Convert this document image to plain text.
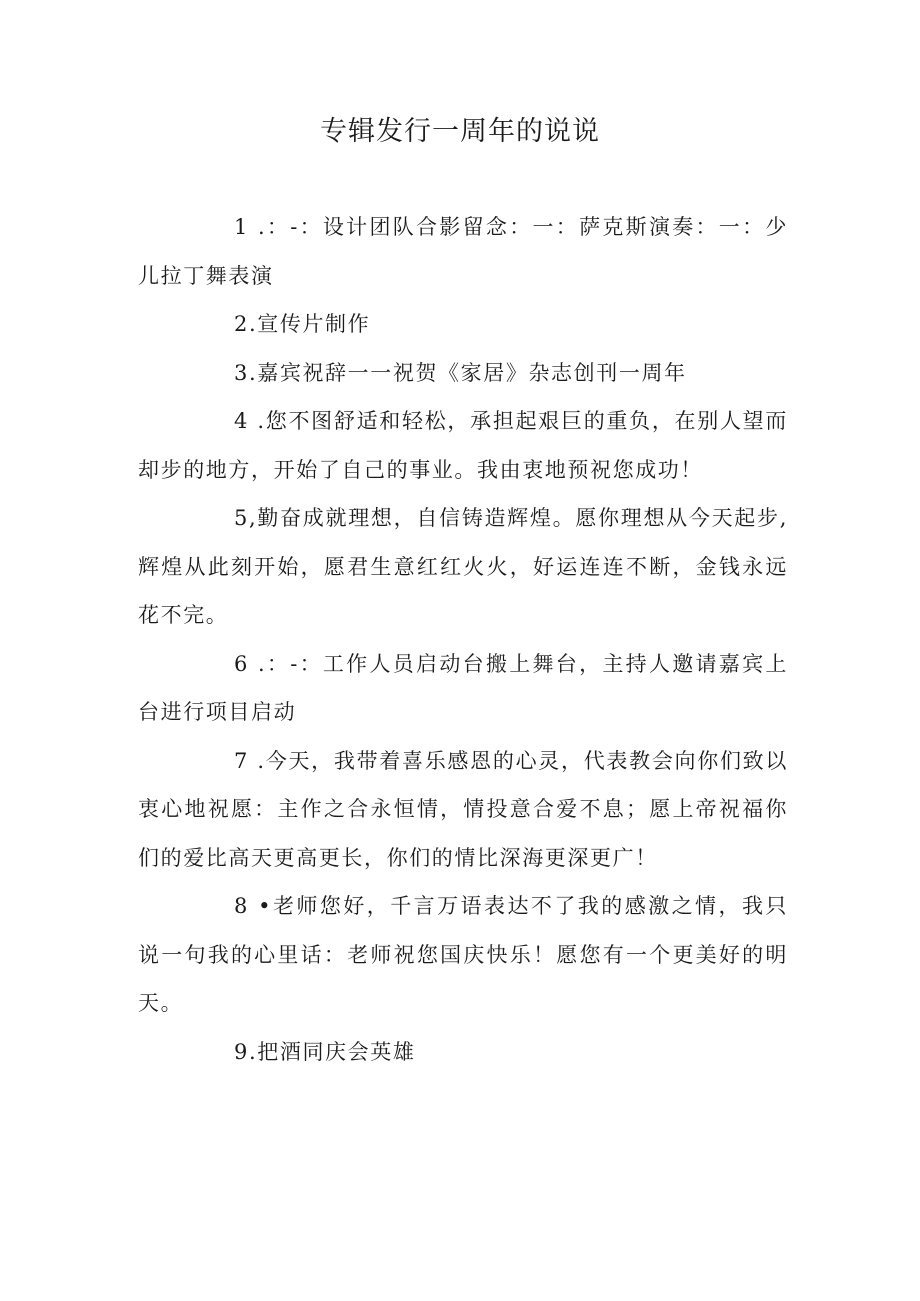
专辑发行一周年的说说

1 .：-：设计团队合影留念：一：萨克斯演奏：一：少儿拉丁舞表演

2.宣传片制作

3.嘉宾祝辞一一祝贺《家居》杂志创刊一周年

4 .您不图舒适和轻松，承担起艰巨的重负，在别人望而却步的地方，开始了自己的事业。我由衷地预祝您成功！

5,勤奋成就理想，自信铸造辉煌。愿你理想从今天起步,辉煌从此刻开始，愿君生意红红火火，好运连连不断，金钱永远花不完。

6 .：-：工作人员启动台搬上舞台，主持人邀请嘉宾上台进行项目启动

7 .今天，我带着喜乐感恩的心灵，代表教会向你们致以衷心地祝愿：主作之合永恒情，情投意合爱不息；愿上帝祝福你们的爱比高天更高更长，你们的情比深海更深更广！

8 •老师您好，千言万语表达不了我的感激之情，我只说一句我的心里话：老师祝您国庆快乐！愿您有一个更美好的明天。

9.把酒同庆会英雄
